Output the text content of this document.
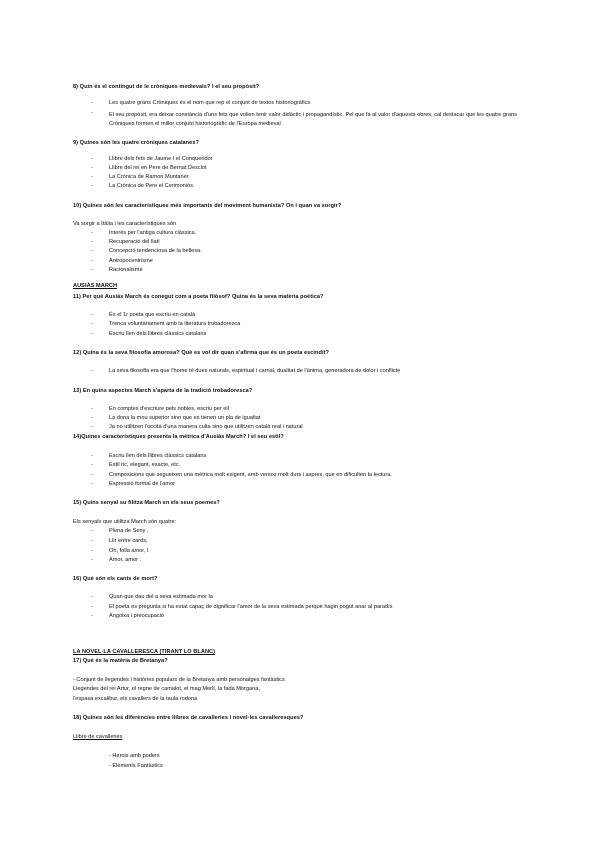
8) Quin és el contingut de le cròniques medievals? I el seu propòsit?
-	Les quatre grans Cròniques és el nom que rep el conjunt de textos historiogràfics
-	El seu propòsit, era deixar constància d'uns fets que volien tenir valor didàctic i propagandístic. Pel que fa al valor d'aquests obres, cal destacar que les quatre grans Cròniques formen el millor conjunt historiogràfic de l'Europa medieval
9) Quines són les quatre cròniques catalanes?
-	Llibre dels fets de Jaume I el Conqueridor
-	Llibre del rei en Pere de Bernat Desclot
-	La Crònica de Ramon Muntaner
-	La Crònica de Pere el Cerimoniós.
10) Quines són les característiques més importants del moviment humanista? On i quan va sorgir?
Va sorgir a Itàlia i les característiques són
-	Interès per l'antiga cultura clàssica.
-	Recuperació del llatí
-	Concepció tendenciosa de la bellesa.
-	Antropocentrisme
-	Racionalisme
AUSIÀS MARCH
11) Per què Ausiàs March és conegut com a poeta filòsof? Quina és la seva matèria poètica?
-	És el 1r poeta que escriu en català
-	Trenca voluntàriament amb la literatura trobadoresca
-	Escriu llen dels llibres clàssics catalans
12) Quina és la seva filosofia amorosa? Què es vol dir quan s'afirma que és un poeta escindit?
-	La seva filosofia era que l'home té dues naturals, espiritual i carnal, dualitat de l'ànima, generadora de dolor i conflicte
13) En quins aspectes March s'aparta de la tradició trobadoresca?
-	En comptes d'escriure pels nobles, escriu per ell
-	La dona la mou superior sino que es tienen un pla de igualtat
-	Ja no utilitzen l'occità d'una manera culta sino que utilitzen català real i natural
14)Quines característiques presenta la mètrica d'Ausiàs March? I el seu estil?
-	Escriu llen dels llibres clàssics catalans
-	Estil ric, elegant, exacte, etc.
-	Composicions que segueixen una mètrica molt exigent, amb versos molt durs i aspres, que en dificulten la lectura.
-	Expressió formal de l'amor
15) Quins senyal su filitza March en els seus poemes?
Els senyals que utilitza March són quatre:
-	Plena de Seny ,
-	Llir entre cards,
-	Oh, folla amor, l
-	Amor, amor .
16) Què són els cants de mort?
-	Quan que dau del a seva estimada mor la
-	El poeta es pregunta si ha estat capaç de dignificar l'amor de la seva estimada perquè hagin pogut anar al paradís
-	Angoixa i preocupació
LA NOVEL·LA CAVALLERESCA (TIRANT LO BLANC)
17) Què és la matèria de Bretanya?
- Conjunt de llegendes i històries populars de la Bretanya amb personatges fantàstics
Llegendes del rei Artur, el regne de camalot, el mag Merlí, la fada Morgana,
l'espasa excalibur, els cavallers de la taula rodona
18) Quines són les diferències entre llibres de cavalleries i novel·les cavalleresques?
Llibre de cavalleries
- Herois amb poders
- Elements Fantàstics
